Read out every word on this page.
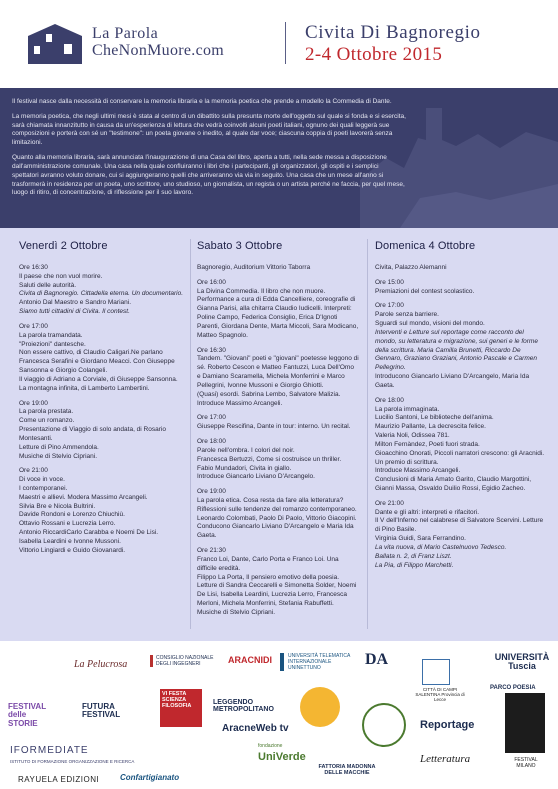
La Parola
CheNonMuore.com
Civita Di Bagnoregio
2-4 Ottobre 2015

Il festival nasce dalla necessità di conservare la memoria libraria e la memoria poetica che prende a modello la Commedia di Dante.

La memoria poetica, che negli ultimi mesi è stata al centro di un dibattito sulla presunta morte dell'oggetto sul quale si fonda e si esercita, sarà chiamata innanzitutto in causa da un'esperienza di lettura che vedrà coinvolti alcuni poeti italiani, ognuno dei quali leggerà sue composizioni e porterà con sé un "testimone": un poeta giovane o inedito, al quale dar voce; ciascuna coppia di poeti lavorerà senza limitazioni.

Quanto alla memoria libraria, sarà annunciata l'inaugurazione di una Casa del libro, aperta a tutti, nella sede messa a disposizione dall'amministrazione comunale. Una casa nella quale confluiranno i libri che i partecipanti, gli organizzatori, gli ospiti e i semplici spettatori avranno voluto donare, cui si aggiungeranno quelli che arriveranno via via in seguito. Una casa che un mese all'anno si trasformerà in residenza per un poeta, uno scrittore, uno studioso, un giornalista, un regista o un artista perché ne faccia, per quel mese, luogo di ritiro, di concentrazione, di riflessione per il suo lavoro.

Venerdì 2 Ottobre
Ore 16:30
Il paese che non vuol morire.
Saluti delle autorità.
Civita di Bagnoregio. Cittadella eterna. Un documentario.
Antonio Dal Maestro e Sandro Mariani.
Siamo tutti cittadini di Civita. Il contest.
Ore 17:00
La parola tramandata.
"Proiezioni" dantesche.
Non essere cattivo, di Claudio Caligari.Ne parlano Francesca Serafini e Giordano Meacci. Con Giuseppe Sansonna e Giorgio Colangeli.
Il viaggio di Adriano a Corviale, di Giuseppe Sansonna.
La montagna infinita, di Lamberto Lambertini.
Ore 19:00
La parola prestata.
Come un romanzo.
Presentazione di Viaggio di solo andata, di Rosario Montesanti.
Letture di Pino Ammendola.
Musiche di Stelvio Cipriani.
Ore 21:00
Di voce in voce.
I contemporanei.
Maestri e allievi. Modera Massimo Arcangeli.
Silvia Bre e Nicola Bultrini.
Davide Rondoni e Lorenzo Chiuchiù.
Ottavio Rossani e Lucrezia Lerro.
Antonio RiccardiCarlo Carabba e Noemi De Lisi.
Isabella Leardini e Ivonne Mussoni.
Vittorio Lingiardi e Guido Giovanardi.
Sabato 3 Ottobre
Bagnoregio, Auditorium Vittorio Taborra
Ore 16:00
La Divina Commedia. Il libro che non muore.
Performance a cura di Edda Cancelliere, coreografie di Gianna Parisi, alla chitarra Claudio Iudicelli. Interpreti: Poline Campo, Federica Consiglio, Erica D'Ignoti Parenti, Giordana Dente, Marta Miccoli, Sara Modicano, Matteo Spagnolo.
Ore 16:30
Tandem. "Giovani" poeti e "giovani" poetesse leggono di sé. Roberto Cescon e Matteo Fantuzzi, Luca Dell'Omo e Damiano Scaramella, Michela Monferrini e Marco Pellegrini, Ivonne Mussoni e Giorgio Ghiotti.
(Quasi) esordi. Sabrina Lembo, Salvatore Malizia. Introduce Massimo Arcangeli.
Ore 17:00
Giuseppe Rescifina, Dante in tour: interno. Un recital.
Ore 18:00
Parole nell'ombra. I colori del noir.
Francesca Bertuzzi, Come si costruisce un thriller.
Fabio Mundadori, Civita in giallo.
Introduce Giancarlo Liviano D'Arcangelo.
Ore 19:00
La parola etica. Cosa resta da fare alla letteratura? Riflessioni sulle tendenze del romanzo contemporaneo. Leonardo Colombati, Paolo Di Paolo, Vittorio Giacopini. Conducono Giancarlo Liviano D'Arcangelo e Maria Ida Gaeta.
Ore 21:30
Franco Loi, Dante, Carlo Porta e Franco Loi. Una difficile eredità.
Filippo La Porta, Il pensiero emotivo della poesia.
Letture di Sandra Ceccarelli e Simonetta Solder, Noemi De Lisi, Isabella Leardini, Lucrezia Lerro, Francesca Merloni, Michela Monferrini, Stefania Rabuffetti. Musiche di Stelvio Cipriani.
Domenica 4 Ottobre
Civita, Palazzo Alemanni
Ore 15:00
Premiazioni del contest scolastico.
Ore 17:00
Parole senza barriere.
Sguardi sul mondo, visioni del mondo.
Interventi e Letture sul reportage come racconto del mondo, su letteratura e migrazione, sui generi e le forme della scrittura. Maria Camilla Brunetti, Riccardo De Gennaro, Graziano Graziani, Antonio Pascale e Carmen Pellegrino.
Introducono Giancarlo Liviano D'Arcangelo, Maria Ida Gaeta.
Ore 18:00
La parola immaginata.
Lucilio Santoni, Le biblioteche dell'anima.
Maurizio Pallante, La decrescita felice.
Valeria Noli, Odissea 781.
Milton Fernàndez, Poeti fuori strada.
Gioacchino Onorati, Piccoli narratori crescono: gli Aracnidi. Un premio di scrittura.
Introduce Massimo Arcangeli.
Conclusioni di Maria Amato Garito, Claudio Margottini, Gianni Massa, Osvaldo Duilio Rossi, Egidio Zacheo.
Ore 21:00
Dante e gli altri: interpreti e rifacitori.
Il V dell'Inferno nel calabrese di Salvatore Scervini. Letture di Pino Basile.
Virginia Guidi, Sara Ferrandino.
La vita nuova, di Mario Castelnuovo Tedesco.
Ballata n. 2, di Franz Liszt.
La Pia, di Filippo Marchetti.
La Pelucrosa
CONSIGLIO NAZIONALE DEGLI INGEGNERI	ARACNIDI	UNIVERSITÀ TELEMATICA INTERNAZIONALE UNINETTUNO	DA
CITTÀ DI CAMPI SALENTINA Provincia di Lecce
UNIVERSITÀ Tuscia
PARCO POESIA
FESTIVAL delle STORIE
FUTURA FESTIVAL
VI FESTA SCIENZA FILOSOFIA	LEGGENDO METROPOLITANO
AracneWeb tv	Reportage
FESTIVAL MILANO
IFORMEDIATE
ISTITUTO DI FORMAZIONE ORGANIZZAZIONE E RICERCA
fondazione
UniVerde
FATTORIA MADONNA DELLE MACCHIE
Letteratura
RAYUELA EDIZIONI	Confartigianato
